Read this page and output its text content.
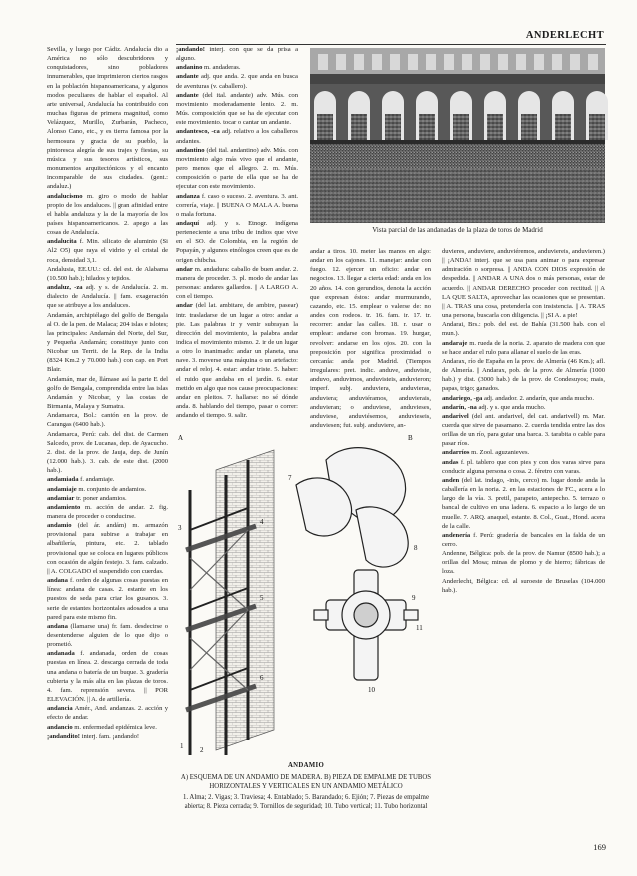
ANDERLECHT

Sevilla, y luego por Cádiz. Andalucía dio a América no sólo descubridores y conquistadores, sino pobladores innumerables, que imprimieron ciertos rasgos en la población hispanoamericana, y algunos modos peculiares de hablar el español. Al arte universal, Andalucía ha contribuido con muchas figuras de primera magnitud, como Velázquez, Murillo, Zurbarán, Pacheco, Alonso Cano, etc., y es tierra famosa por la hermosura y gracia de su pueblo, la pintoresca alegría de sus trajes y fiestas, su música y sus tesoros artísticos, sus monumentos arquitectónicos y el encanto incomparable de sus ciudades. (gent.: andaluz.)

andalucismo m. giro o modo de hablar propio de los andaluces. || gran afinidad entre el habla andaluza y la de la mayoría de los países hispanoamericanos. 2. apego a las cosas de Andalucía.

andalucita f. Min. silicato de aluminio (Si Al2 O5) que raya el vidrio y el cristal de roca, densidad 3,1.

Andalusia, EE.UU.: cd. del est. de Alabama (10.500 hab.); hilados y tejidos.

andaluz, -za adj. y s. de Andalucía. 2. m. dialecto de Andalucía. || fam. exageración que se atribuye a los andaluces.

Andamán, archipiélago del golfo de Bengala al O. de la pen. de Malaca; 204 islas e islotes; las principales: Andamán del Norte, del Sur, y Pequeña Andamán; constituye junto con Nicobar un Territ. de la Rep. de la India (8324 Km.2 y 70.000 hab.) con cap. en Port Blair.

Andamán, mar de, llámase así la parte E del golfo de Bengala, comprendida entre las islas Andamán y Nicobar, y las costas de Birmania, Malaya y Sumatra.

Andamarca, Bol.: cantón en la prov. de Carangas (6400 hab.).

Andamarca, Perú: cab. del dist. de Carmen Salcedo, prov. de Lucanas, dep. de Ayacucho. 2. dist. de la prov. de Jauja, dep. de Junín (12.000 hab.). 3. cab. de este dist. (2000 hab.).

andamiada f. andamiaje.

andamiaje m. conjunto de andamios.

andamiar tr. poner andamios.

andamiento m. acción de andar. 2. fig. manera de proceder o conducirse.

andamio (del ár. andám) m. armazón provisional para subirse a trabajar en albañilería, pintura, etc. 2. tablado provisional que se coloca en lugares públicos con ocasión de algún festejo. 3. fam. calzado. || A. COLGADO el suspendido con cuerdas.

andana f. orden de algunas cosas puestas en línea: andana de casas. 2. estante en los puestos de seda para criar los gusanos. 3. serie de estantes horizontales adosados a una pared para este mismo fin.

andana (llamarse una) fr. fam. desdecirse o desentenderse alguien de lo que dijo o prometió.

andanada f. andanada, orden de cosas puestas en línea. 2. descarga cerrada de toda una andana o batería de un buque. 3. gradería cubierta y la más alta en las plazas de toros. 4. fam. reprensión severa. || POR ELEVACIÓN. || A. de artillería.

andancia Amér., And. andanzas. 2. acción y efecto de andar.

andancio m. enfermedad epidémica leve.

¡andandito! interj. fam. ¡andando!

¡andando! interj. con que se da prisa a alguno.

andanino m. andaderas.

andante adj. que anda. 2. que anda en busca de aventuras (v. caballero).

andante (del ital. andante) adv. Mús. con movimiento moderadamente lento. 2. m. Mús. composición que se ha de ejecutar con este movimiento. tocar o cantar un andante.

andantesco, -ca adj. relativo a los caballeros andantes.

andantino (del ital. andantino) adv. Mús. con movimiento algo más vivo que el andante, pero menos que el allegro. 2. m. Mús. composición o parte de ella que se ha de ejecutar con este movimiento.

andanza f. caso o suceso. 2. aventura. 3. ant. correría, viaje. || BUENA O MALA A. buena o mala fortuna.

andaquí adj. y s. Etnogr. indígena perteneciente a una tribu de indios que vive en el SO. de Colombia, en la región de Popayán, y algunos etnólogos creen que es de origen chibcha.

andar m. andadura: caballo de buen andar. 2. manera de proceder. 3. pl. modo de andar las personas: andares gallardos. || A LARGO A. con el tiempo.

andar (del lat. ambitare, de ambire, pasear) intr. trasladarse de un lugar a otro: andar a pie. Las palabras ir y venir subrayan la dirección del movimiento, la palabra andar indica el movimiento mismo. 2. ir de un lugar a otro lo inanimado: andar un planeta, una nave. 3. moverse una máquina o un artefacto: andar el reloj. 4. estar: andar triste. 5. haber: el ruido que andaba en el jardín. 6. estar metido en algo que nos cause preocupaciones: andar en pleitos. 7. hallarse: no sé dónde anda. 8. hablando del tiempo, pasar o correr: andando el tiempo. 9. salir.

Vista parcial de las andanadas de la plaza de toros de Madrid

andar a tiros. 10. meter las manos en algo: andar en los cajones. 11. manejar: andar con fuego. 12. ejercer un oficio: andar en negocios. 13. llegar a cierta edad: anda en los 20 años. 14. con gerundios, denota la acción que expresan éstos: andar murmurando, cazando, etc. 15. emplear o valerse de: no andes con rodeos. tr. 16. fam. ir. 17. tr. recorrer: andar las calles. 18. r. usar o emplear: andarse con bromas. 19. hurgar, revolver: andarse en los ojos. 20. con la preposición por significa proximidad o cercanía: anda por Madrid. (Tiempos irregulares: pret. indic. anduve, anduviste, anduvo, anduvimos, anduvisteis, anduvieron; imperf. subj. anduviera, anduvieras, anduviera; anduviéramos, anduvierais, anduvieran; o anduviese, anduvieses, anduviese, anduviésemos, anduvieseis, anduviesen; fut. subj. anduviere, an-

duvieres, anduviere, anduviéremos, anduviereis, anduvieren.) || ¡ANDA! interj. que se usa para animar o para expresar admiración o sorpresa. || ANDA CON DIOS expresión de despedida. || ANDAR A UNA dos o más personas, estar de acuerdo. || ANDAR DERECHO proceder con rectitud. || A LA QUE SALTA, aprovechar las ocasiones que se presentan. || A. TRAS una cosa, pretenderla con insistencia. || A. TRAS una persona, buscarla con diligencia. || ¡SI A. a pie!

Andarai, Brs.: pob. del est. de Bahía (31.500 hab. con el mun.).

andaraje m. rueda de la noria. 2. aparato de madera con que se hace andar el rulo para allanar el suelo de las eras.

Andarax, río de España en la prov. de Almería (46 Km.); afl. de Almería. || Andarax, pob. de la prov. de Almería (1000 hab.) y dist. (3000 hab.) de la prov. de Condesuyos; mais, papas, trigo; ganados.

andariego, -ga adj. andador. 2. andarín, que anda mucho.

andarín, -na adj. y s. que anda mucho.

andarivel (del ant. andarivel, del cat. andarivell) m. Mar. cuerda que sirve de pasamano. 2. cuerda tendida entre las dos orillas de un río, para guiar una barca. 3. tarabita o cable para pasar ríos.

andarríos m. Zool. aguzanieves.

andas f. pl. tablero que con pies y con dos varas sirve para conducir alguna persona o cosa. 2. féretro con varas.

anden (del lat. indago, -inis, cerco) m. lugar donde anda la caballería en la noria. 2. en las estaciones de FC., acera a lo largo de la vía. 3. pretil, parapeto, antepecho. 5. terrazo o bancal de cultivo en una ladera. 6. espacio a lo largo de un muelle. 7. ARQ. anaquel, estante. 8. Col., Guat., Hond. acera de la calle.

andenería f. Perú: gradería de bancales en la falda de un cerro.

Andenne, Bélgica: pob. de la prov. de Namur (8500 hab.); a orillas del Mosa; minas de plomo y de hierro; fábricas de loza.

Anderlecht, Bélgica: cd. al suroeste de Bruselas (104.000 hab.).

A	B
1 2
3
4
5
6
7
8
9
10
11
ANDAMIO
A) ESQUEMA DE UN ANDAMIO DE MADERA. B) PIEZA DE EMPALME DE TUBOS HORIZONTALES Y VERTICALES EN UN ANDAMIO METÁLICO
1. Alma; 2. Vigas; 3. Traviesa; 4. Entablado; 5. Barandado; 6. Ejión; 7. Piezas de empalme abierta; 8. Pieza cerrada; 9. Tornillos de seguridad; 10. Tubo vertical; 11. Tubo horizontal
169
